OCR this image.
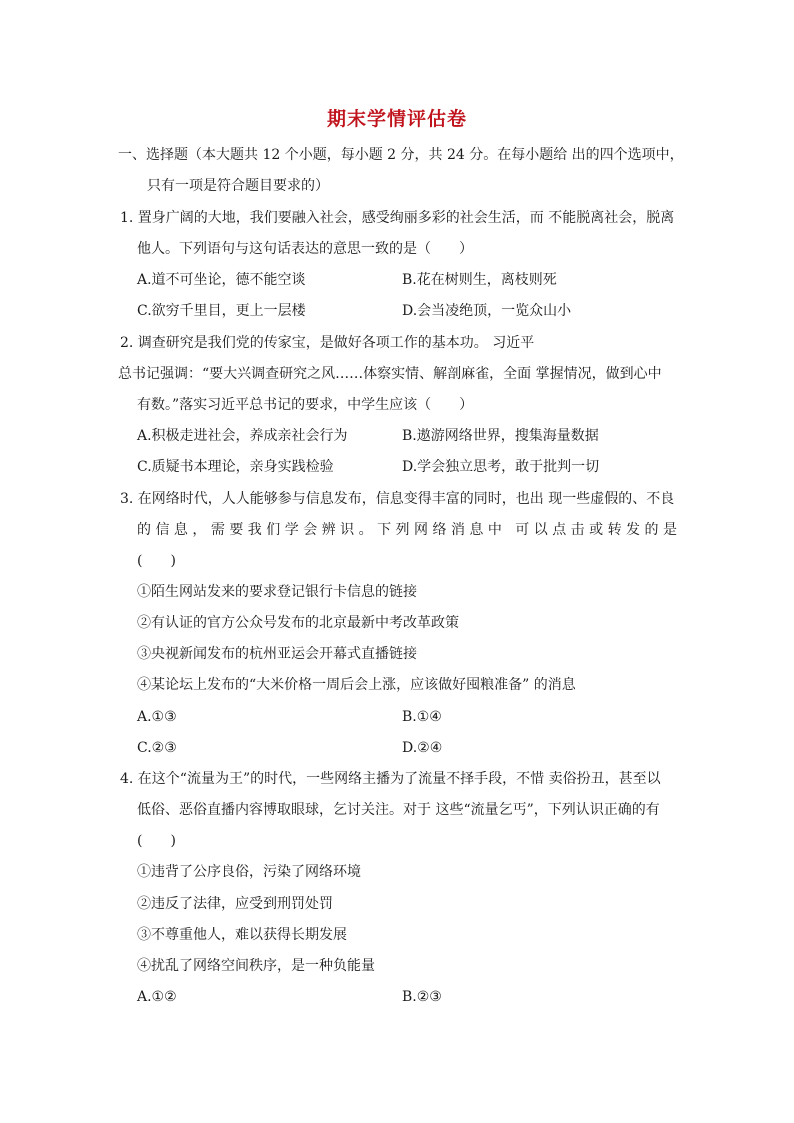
期末学情评估卷
一、选择题（本大题共 12 个小题，每小题 2 分，共 24 分。在每小题给 出的四个选项中，
只有一项是符合题目要求的）
1. 置身广阔的大地，我们要融入社会，感受绚丽多彩的社会生活，而 不能脱离社会，脱离
他人。下列语句与这句话表达的意思一致的是（　　）
A.道不可坐论，德不能空谈	B.花在树则生，离枝则死
C.欲穷千里目，更上一层楼	D.会当凌绝顶，一览众山小
2. 调查研究是我们党的传家宝，是做好各项工作的基本功。 习近平
总书记强调：“要大兴调查研究之风……体察实情、解剖麻雀，全面 掌握情况，做到心中
有数。”落实习近平总书记的要求，中学生应该（　　）
A.积极走进社会，养成亲社会行为	B.遨游网络世界，搜集海量数据
C.质疑书本理论，亲身实践检验	D.学会独立思考，敢于批判一切
3. 在网络时代，人人能够参与信息发布，信息变得丰富的同时，也出 现一些虚假的、不良
的信息，需要我们学会辨识。下列网络消息中 可以点击或转发的是
(　　)
①陌生网站发来的要求登记银行卡信息的链接
②有认证的官方公众号发布的北京最新中考改革政策
③央视新闻发布的杭州亚运会开幕式直播链接
④某论坛上发布的“大米价格一周后会上涨，应该做好囤粮准备” 的消息
A.①③	B.①④
C.②③	D.②④
4. 在这个“流量为王”的时代，一些网络主播为了流量不择手段，不惜 卖俗扮丑，甚至以
低俗、恶俗直播内容博取眼球，乞讨关注。对于 这些“流量乞丐”，下列认识正确的有
(　　)
①违背了公序良俗，污染了网络环境
②违反了法律，应受到刑罚处罚
③不尊重他人，难以获得长期发展
④扰乱了网络空间秩序，是一种负能量
A.①②	B.②③
